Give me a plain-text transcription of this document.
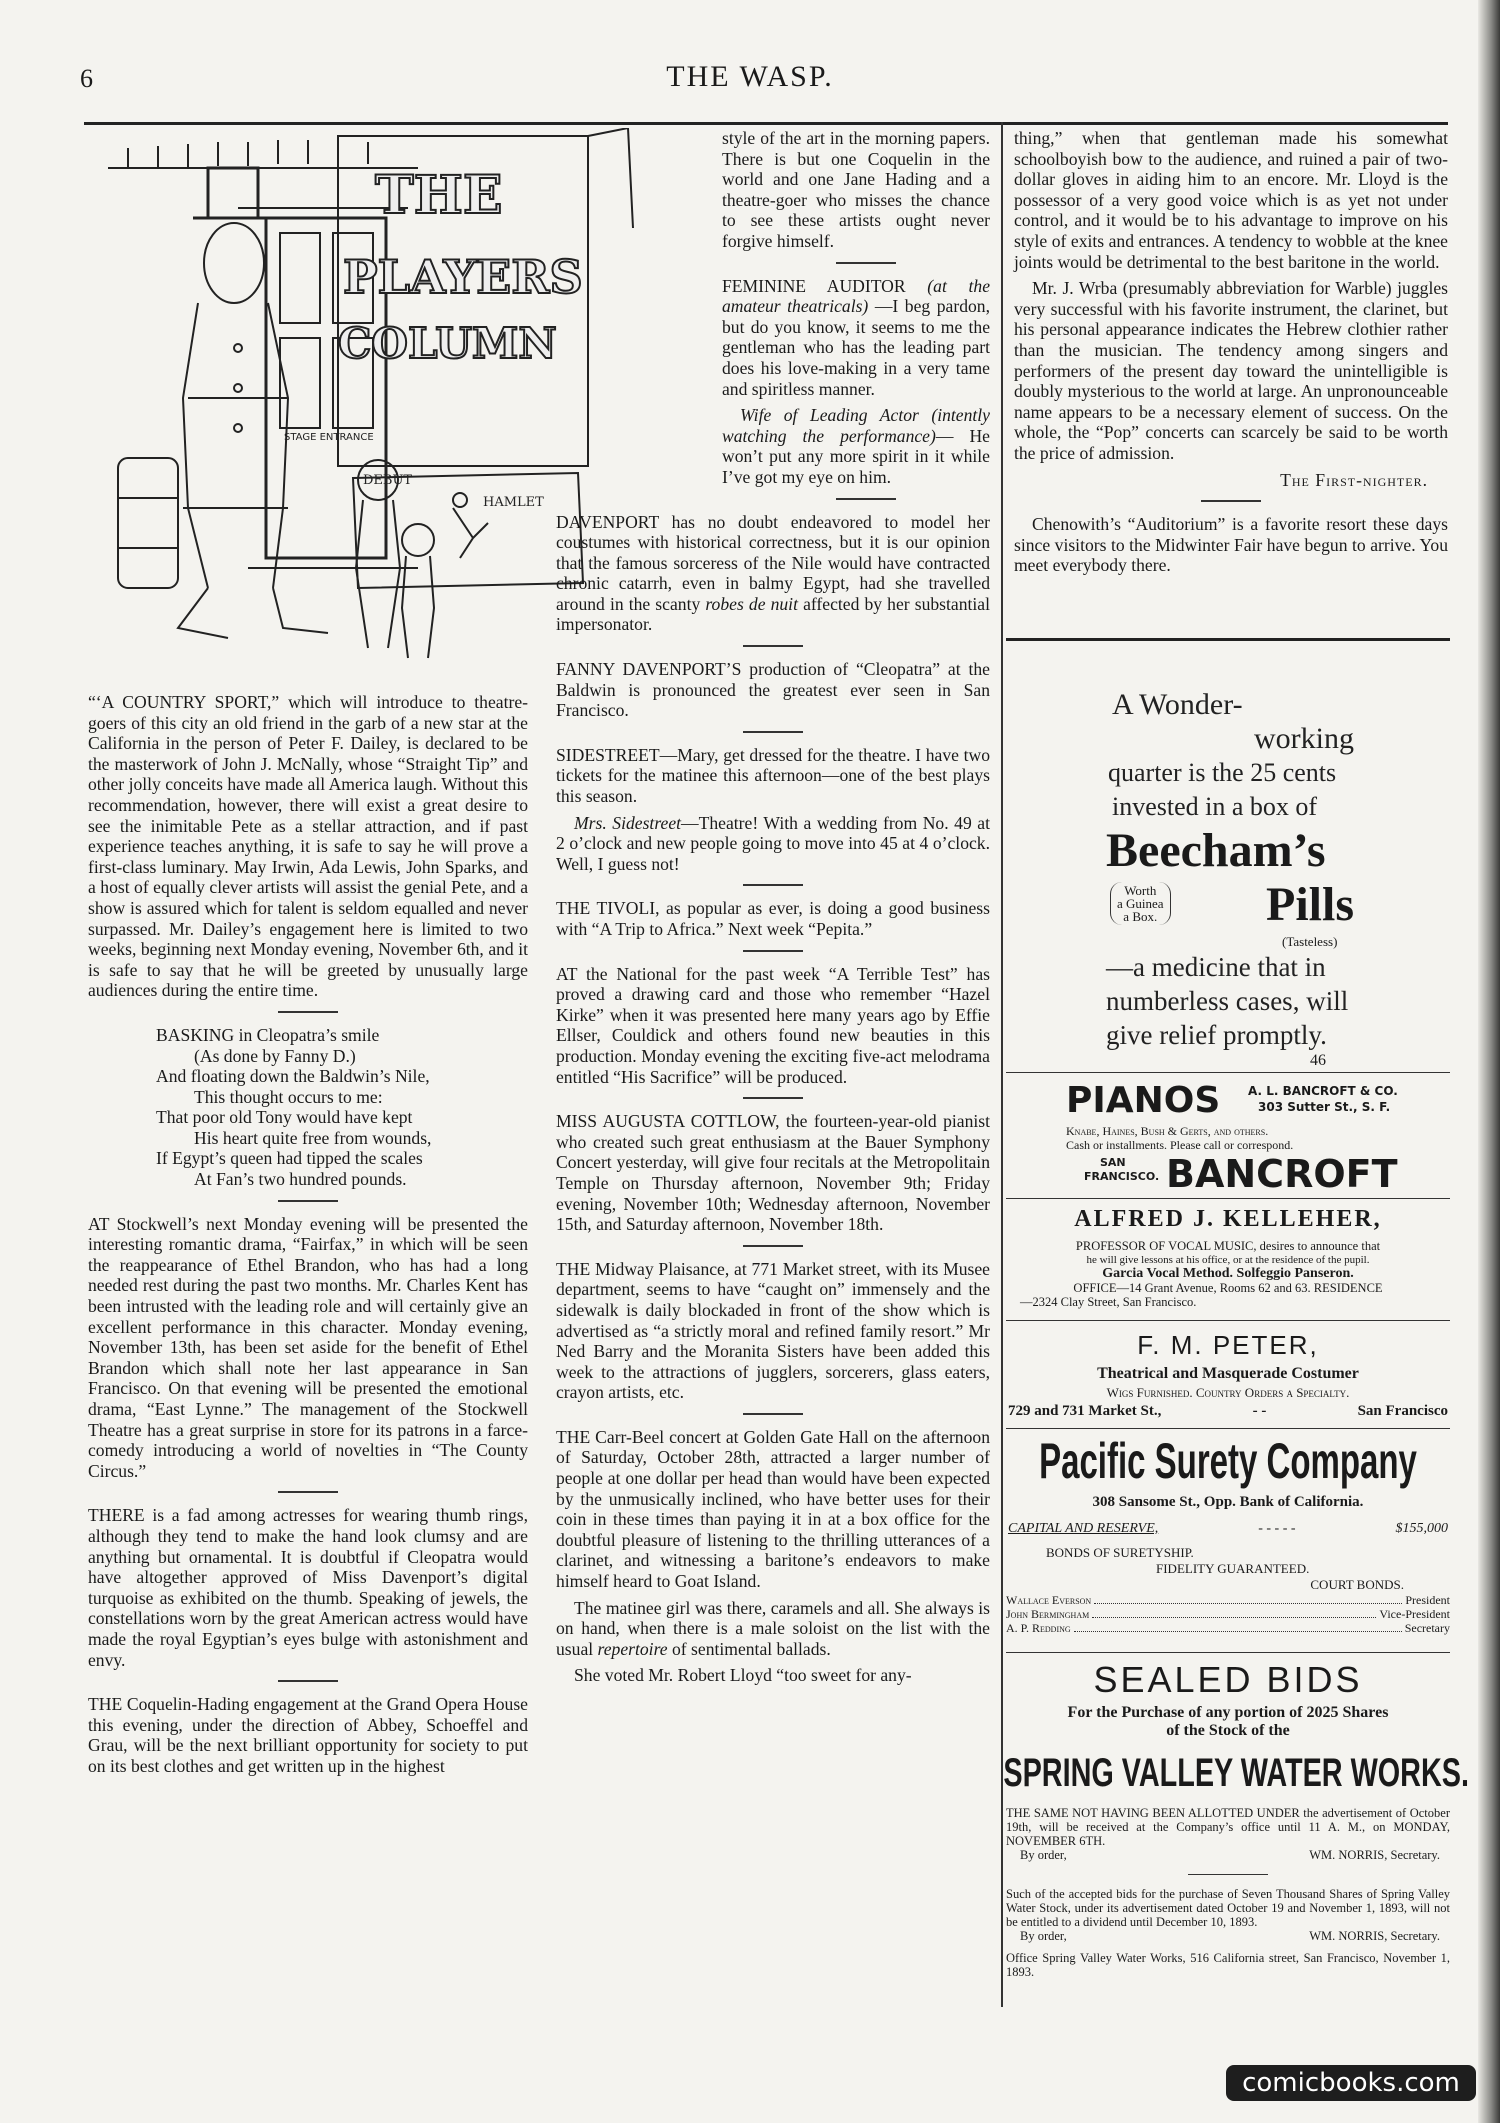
6	THE WASP.
THE
PLAYERS
COLUMN
STAGE ENTRANCE
DEBUT
HAMLET

“‘A COUNTRY SPORT,” which will introduce to theatre-goers of this city an old friend in the garb of a new star at the California in the person of Peter F. Dailey, is declared to be the masterwork of John J. McNally, whose “Straight Tip” and other jolly conceits have made all America laugh. Without this recommendation, however, there will exist a great desire to see the inimitable Pete as a stellar attraction, and if past experience teaches anything, it is safe to say he will prove a first-class luminary. May Irwin, Ada Lewis, John Sparks, and a host of equally clever artists will assist the genial Pete, and a show is assured which for talent is seldom equalled and never surpassed. Mr. Dailey’s engagement here is limited to two weeks, beginning next Monday evening, November 6th, and it is safe to say that he will be greeted by unusually large audiences during the entire time.

BASKING in Cleopatra’s smile
(As done by Fanny D.)
And floating down the Baldwin’s Nile,
This thought occurs to me:
That poor old Tony would have kept
His heart quite free from wounds,
If Egypt’s queen had tipped the scales
At Fan’s two hundred pounds.

AT Stockwell’s next Monday evening will be presented the interesting romantic drama, “Fairfax,” in which will be seen the reappearance of Ethel Brandon, who has had a long needed rest during the past two months. Mr. Charles Kent has been intrusted with the leading role and will certainly give an excellent performance in this character. Monday evening, November 13th, has been set aside for the benefit of Ethel Brandon which shall note her last appearance in San Francisco. On that evening will be presented the emotional drama, “East Lynne.” The management of the Stockwell Theatre has a great surprise in store for its patrons in a farce-comedy introducing a world of novelties in “The County Circus.”

THERE is a fad among actresses for wearing thumb rings, although they tend to make the hand look clumsy and are anything but ornamental. It is doubtful if Cleopatra would have altogether approved of Miss Davenport’s digital turquoise as exhibited on the thumb. Speaking of jewels, the constellations worn by the great American actress would have made the royal Egyptian’s eyes bulge with astonishment and envy.

THE Coquelin-Hading engagement at the Grand Opera House this evening, under the direction of Abbey, Schoeffel and Grau, will be the next brilliant opportunity for society to put on its best clothes and get written up in the highest

style of the art in the morning papers. There is but one Coquelin in the world and one Jane Hading and a theatre-goer who misses the chance to see these artists ought never forgive himself.

FEMININE AUDITOR (at the amateur theatricals) —I beg pardon, but do you know, it seems to me the gentleman who has the leading part does his love-making in a very tame and spiritless manner.

Wife of Leading Actor (intently watching the performance)— He won’t put any more spirit in it while I’ve got my eye on him.

DAVENPORT has no doubt endeavored to model her coustumes with historical correctness, but it is our opinion that the famous sorceress of the Nile would have contracted chronic catarrh, even in balmy Egypt, had she travelled around in the scanty robes de nuit affected by her substantial impersonator.

FANNY DAVENPORT’S production of “Cleopatra” at the Baldwin is pronounced the greatest ever seen in San Francisco.

SIDESTREET—Mary, get dressed for the theatre. I have two tickets for the matinee this afternoon—one of the best plays this season.

Mrs. Sidestreet—Theatre! With a wedding from No. 49 at 2 o’clock and new people going to move into 45 at 4 o’clock. Well, I guess not!

THE TIVOLI, as popular as ever, is doing a good business with “A Trip to Africa.” Next week “Pepita.”

AT the National for the past week “A Terrible Test” has proved a drawing card and those who remember “Hazel Kirke” when it was presented here many years ago by Effie Ellser, Couldick and others found new beauties in this production. Monday evening the exciting five-act melodrama entitled “His Sacrifice” will be produced.

MISS AUGUSTA COTTLOW, the fourteen-year-old pianist who created such great enthusiasm at the Bauer Symphony Concert yesterday, will give four recitals at the Metropolitain Temple on Thursday afternoon, November 9th; Friday evening, November 10th; Wednesday afternoon, November 15th, and Saturday afternoon, November 18th.

THE Midway Plaisance, at 771 Market street, with its Musee department, seems to have “caught on” immensely and the sidewalk is daily blockaded in front of the show which is advertised as “a strictly moral and refined family resort.” Mr Ned Barry and the Moranita Sisters have been added this week to the attractions of jugglers, sorcerers, glass eaters, crayon artists, etc.

THE Carr-Beel concert at Golden Gate Hall on the afternoon of Saturday, October 28th, attracted a larger number of people at one dollar per head than would have been expected by the unmusically inclined, who have better uses for their coin in these times than paying it in at a box office for the doubtful pleasure of listening to the thrilling utterances of a clarinet, and witnessing a baritone’s endeavors to make himself heard to Goat Island.

The matinee girl was there, caramels and all. She always is on hand, when there is a male soloist on the list with the usual repertoire of sentimental ballads.

She voted Mr. Robert Lloyd “too sweet for any-

thing,” when that gentleman made his somewhat schoolboyish bow to the audience, and ruined a pair of two-dollar gloves in aiding him to an encore. Mr. Lloyd is the possessor of a very good voice which is as yet not under control, and it would be to his advantage to improve on his style of exits and entrances. A tendency to wobble at the knee joints would be detrimental to the best baritone in the world.

Mr. J. Wrba (presumably abbreviation for Warble) juggles very successful with his favorite instrument, the clarinet, but his personal appearance indicates the Hebrew clothier rather than the musician. The tendency among singers and performers of the present day toward the unintelligible is doubly mysterious to the world at large. An unpronounceable name appears to be a necessary element of success. On the whole, the “Pop” concerts can scarcely be said to be worth the price of admission.

The First-nighter.

Chenowith’s “Auditorium” is a favorite resort these days since visitors to the Midwinter Fair have begun to arrive. You meet everybody there.

A Wonder-
working
quarter is the 25 cents
invested in a box of
Beecham’s
Worth
a Guinea
a Box. Pills
(Tasteless)
—a medicine that in
numberless cases, will
give relief promptly.
46
PIANOS A. L. BANCROFT & CO.
303 Sutter St., S. F.
Knabe, Haines, Bush & Gerts, and others.
Cash or installments. Please call or correspond.
SAN
FRANCISCO. BANCROFT
ALFRED J. KELLEHER,
PROFESSOR OF VOCAL MUSIC, desires to announce that
he will give lessons at his office, or at the residence of the pupil.
Garcia Vocal Method. Solfeggio Panseron.
OFFICE—14 Grant Avenue, Rooms 62 and 63. RESIDENCE
—2324 Clay Street, San Francisco.
F. M. PETER,
Theatrical and Masquerade Costumer
Wigs Furnished. Country Orders a Specialty.
729 and 731 Market St.,	- -	San Francisco
Pacific Surety Company
308 Sansome St., Opp. Bank of California.
CAPITAL AND RESERVE,	- - - - -	$155,000
BONDS OF SURETYSHIP.
FIDELITY GUARANTEED.
COURT BONDS.
Wallace Everson	President
John Bermingham	Vice-President
A. P. Redding	Secretary
SEALED BIDS
For the Purchase of any portion of 2025 Shares
of the Stock of the
SPRING VALLEY WATER WORKS.
THE SAME NOT HAVING BEEN ALLOTTED UNDER the advertisement of October 19th, will be received at the Company’s office until 11 A. M., on MONDAY, NOVEMBER 6TH.
By order,	WM. NORRIS, Secretary.
Such of the accepted bids for the purchase of Seven Thousand Shares of Spring Valley Water Stock, under its advertisement dated October 19 and November 1, 1893, will not be entitled to a dividend until December 10, 1893.
By order,	WM. NORRIS, Secretary.
Office Spring Valley Water Works, 516 California street, San Francisco, November 1, 1893.
comicbooks.com
